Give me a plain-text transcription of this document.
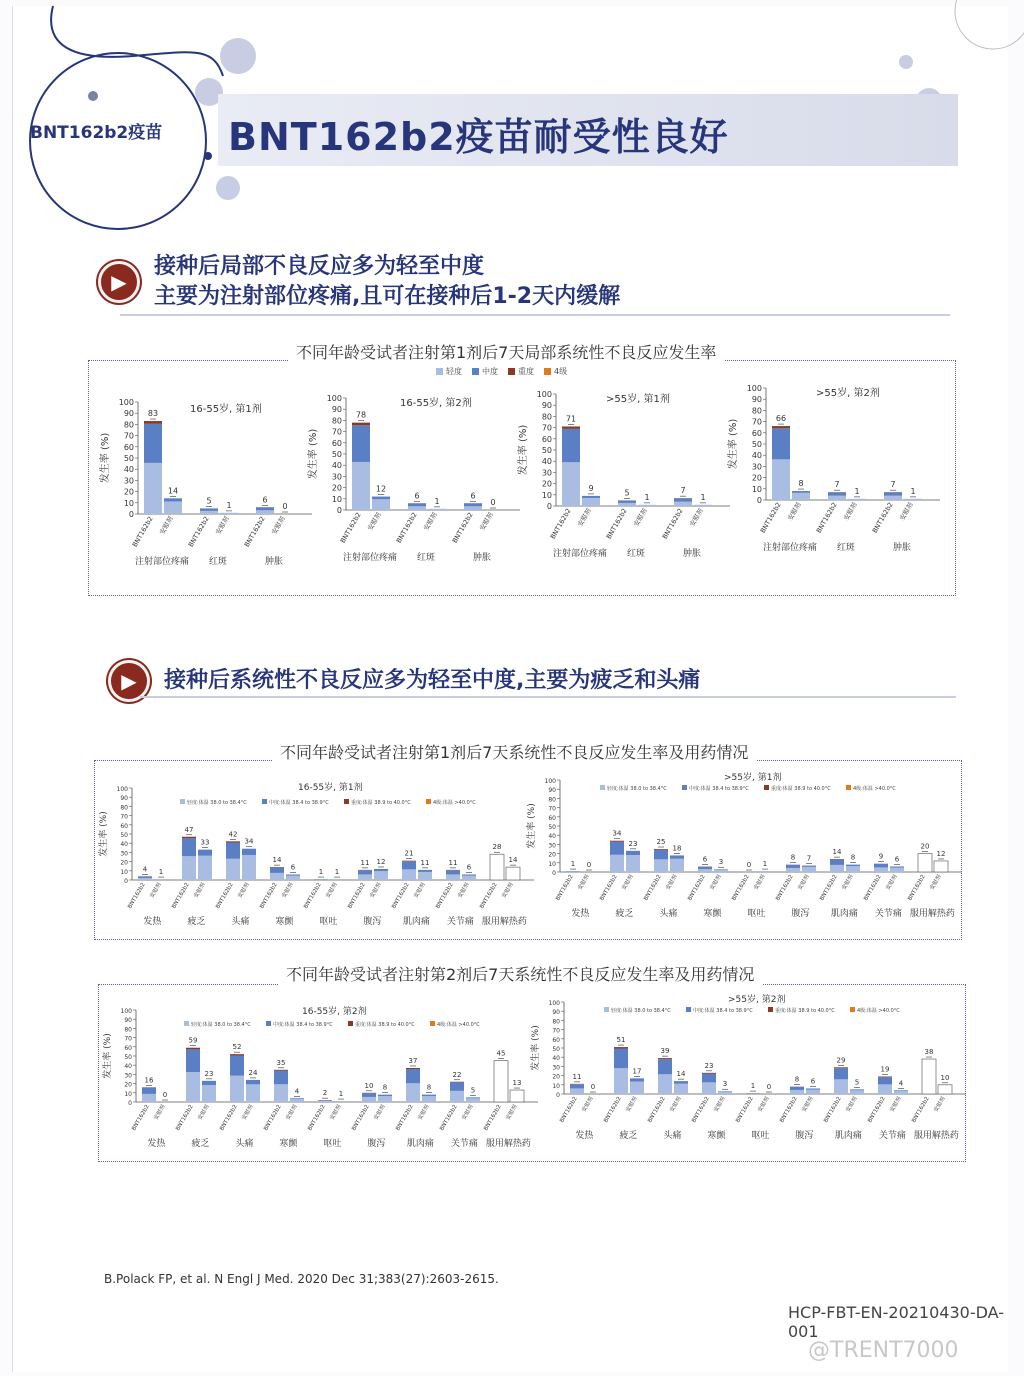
BNT162b2疫苗 BNT162b2疫苗耐受性良好
▶
接种后局部不良反应多为轻至中度
主要为注射部位疼痛,且可在接种后1-2天内缓解
不同年龄受试者注射第1剂后7天局部系统性不良反应发生率
轻度	中度	重度	4级
16-55岁, 第1剂
0
10
20
30
40
50
60
70
80
90
100
发生率 (%)
83
BNT162b2
14
安慰剂
注射部位疼痛
5
BNT162b2
1
安慰剂
红斑
6
BNT162b2
0
安慰剂
肿胀
16-55岁, 第2剂
0
10
20
30
40
50
60
70
80
90
100
发生率 (%)
78
BNT162b2
12
安慰剂
注射部位疼痛
6
BNT162b2
1
安慰剂
红斑
6
BNT162b2
0
安慰剂
肿胀
>55岁, 第1剂
0
10
20
30
40
50
60
70
80
90
100
发生率 (%)
71
BNT162b2
9
安慰剂
注射部位疼痛
5
BNT162b2
1
安慰剂
红斑
7
BNT162b2
1
安慰剂
肿胀
>55岁, 第2剂
0
10
20
30
40
50
60
70
80
90
100
发生率 (%)
66
BNT162b2
8
安慰剂
注射部位疼痛
7
BNT162b2
1
安慰剂
红斑
7
BNT162b2
1
安慰剂
肿胀
▶	接种后系统性不良反应多为轻至中度,主要为疲乏和头痛
不同年龄受试者注射第1剂后7天系统性不良反应发生率及用药情况
16-55岁, 第1剂
0
10
20
30
40
50
60
70
80
90
100
发生率 (%)
4
BNT162b2
1
安慰剂
发热
47
BNT162b2
33
安慰剂
疲乏
42
BNT162b2
34
安慰剂
头痛
14
BNT162b2
6
安慰剂
寒颤
1
BNT162b2
1
安慰剂
呕吐
11
BNT162b2
12
安慰剂
腹泻
21
BNT162b2
11
安慰剂
肌肉痛
11
BNT162b2
6
安慰剂
关节痛
28
BNT162b2
14
安慰剂
服用解热药
轻度:体温 38.0 to 38.4°C	中度:体温 38.4 to 38.9°C	重度:体温 38.9 to 40.0°C	4级:体温 >40.0°C
>55岁, 第1剂
0
10
20
30
40
50
60
70
80
90
100
发生率 (%)
1
BNT162b2
0
安慰剂
发热
34
BNT162b2
23
安慰剂
疲乏
25
BNT162b2
18
安慰剂
头痛
6
BNT162b2
3
安慰剂
寒颤
0
BNT162b2
1
安慰剂
呕吐
8
BNT162b2
7
安慰剂
腹泻
14
BNT162b2
8
安慰剂
肌肉痛
9
BNT162b2
6
安慰剂
关节痛
20
BNT162b2
12
安慰剂
服用解热药
轻度:体温 38.0 to 38.4°C	中度:体温 38.4 to 38.9°C	重度:体温 38.9 to 40.0°C	4级:体温 >40.0°C
不同年龄受试者注射第2剂后7天系统性不良反应发生率及用药情况
16-55岁, 第2剂
0
10
20
30
40
50
60
70
80
90
100
发生率 (%)
16
BNT162b2
0
安慰剂
发热
59
BNT162b2
23
安慰剂
疲乏
52
BNT162b2
24
安慰剂
头痛
35
BNT162b2
4
安慰剂
寒颤
2
BNT162b2
1
安慰剂
呕吐
10
BNT162b2
8
安慰剂
腹泻
37
BNT162b2
8
安慰剂
肌肉痛
22
BNT162b2
5
安慰剂
关节痛
45
BNT162b2
13
安慰剂
服用解热药
轻度:体温 38.0 to 38.4°C	中度:体温 38.4 to 38.9°C	重度:体温 38.9 to 40.0°C	4级:体温 >40.0°C
>55岁, 第2剂
0
10
20
30
40
50
60
70
80
90
100
发生率 (%)
11
BNT162b2
0
安慰剂
发热
51
BNT162b2
17
安慰剂
疲乏
39
BNT162b2
14
安慰剂
头痛
23
BNT162b2
3
安慰剂
寒颤
1
BNT162b2
0
安慰剂
呕吐
8
BNT162b2
6
安慰剂
腹泻
29
BNT162b2
5
安慰剂
肌肉痛
19
BNT162b2
4
安慰剂
关节痛
38
BNT162b2
10
安慰剂
服用解热药
轻度:体温 38.0 to 38.4°C	中度:体温 38.4 to 38.9°C	重度:体温 38.9 to 40.0°C	4级:体温 >40.0°C
B.Polack FP, et al. N Engl J Med. 2020 Dec 31;383(27):2603-2615.
HCP-FBT-EN-20210430-DA-001
@TRENT7000
